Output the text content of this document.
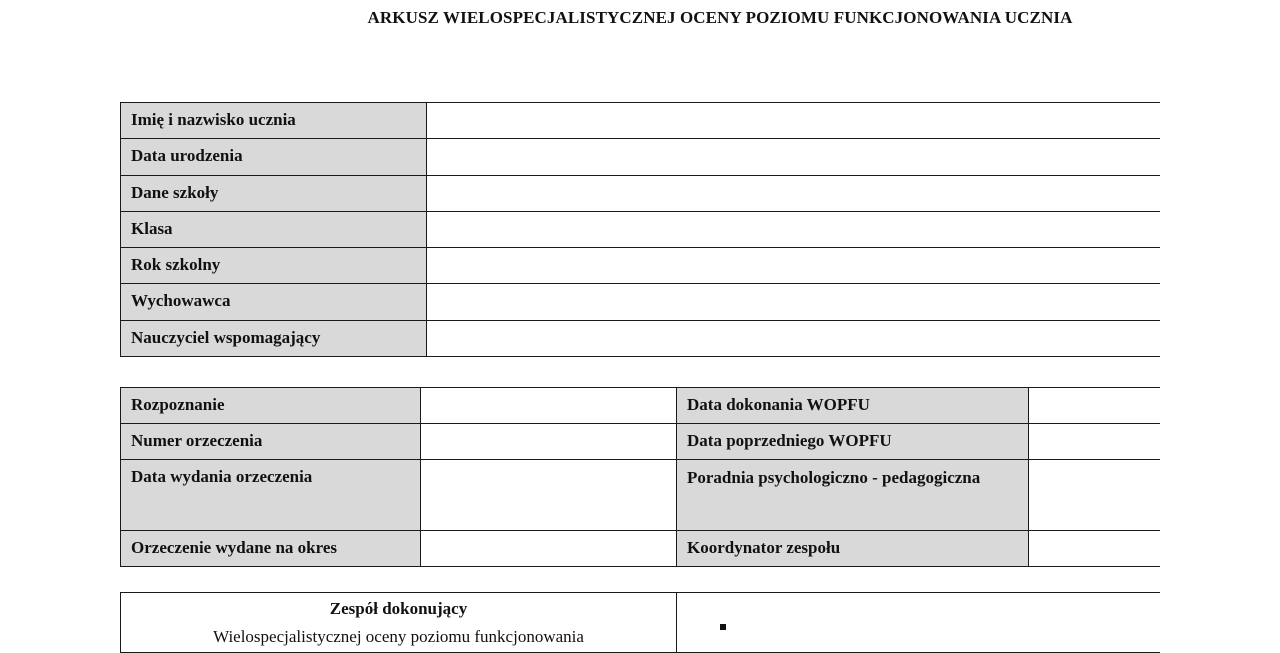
ARKUSZ WIELOSPECJALISTYCZNEJ OCENY POZIOMU FUNKCJONOWANIA UCZNIA
Imię i nazwisko ucznia	
Data urodzenia	
Dane szkoły	
Klasa	
Rok szkolny	
Wychowawca	
Nauczyciel wspomagający	
Rozpoznanie		Data dokonania WOPFU	
Numer orzeczenia		Data poprzedniego WOPFU	
Data wydania orzeczenia		Poradnia psychologiczno - pedagogiczna	
Orzeczenie wydane na okres		Koordynator zespołu	
Zespół dokonujący
Wielospecjalistycznej oceny poziomu funkcjonowania
